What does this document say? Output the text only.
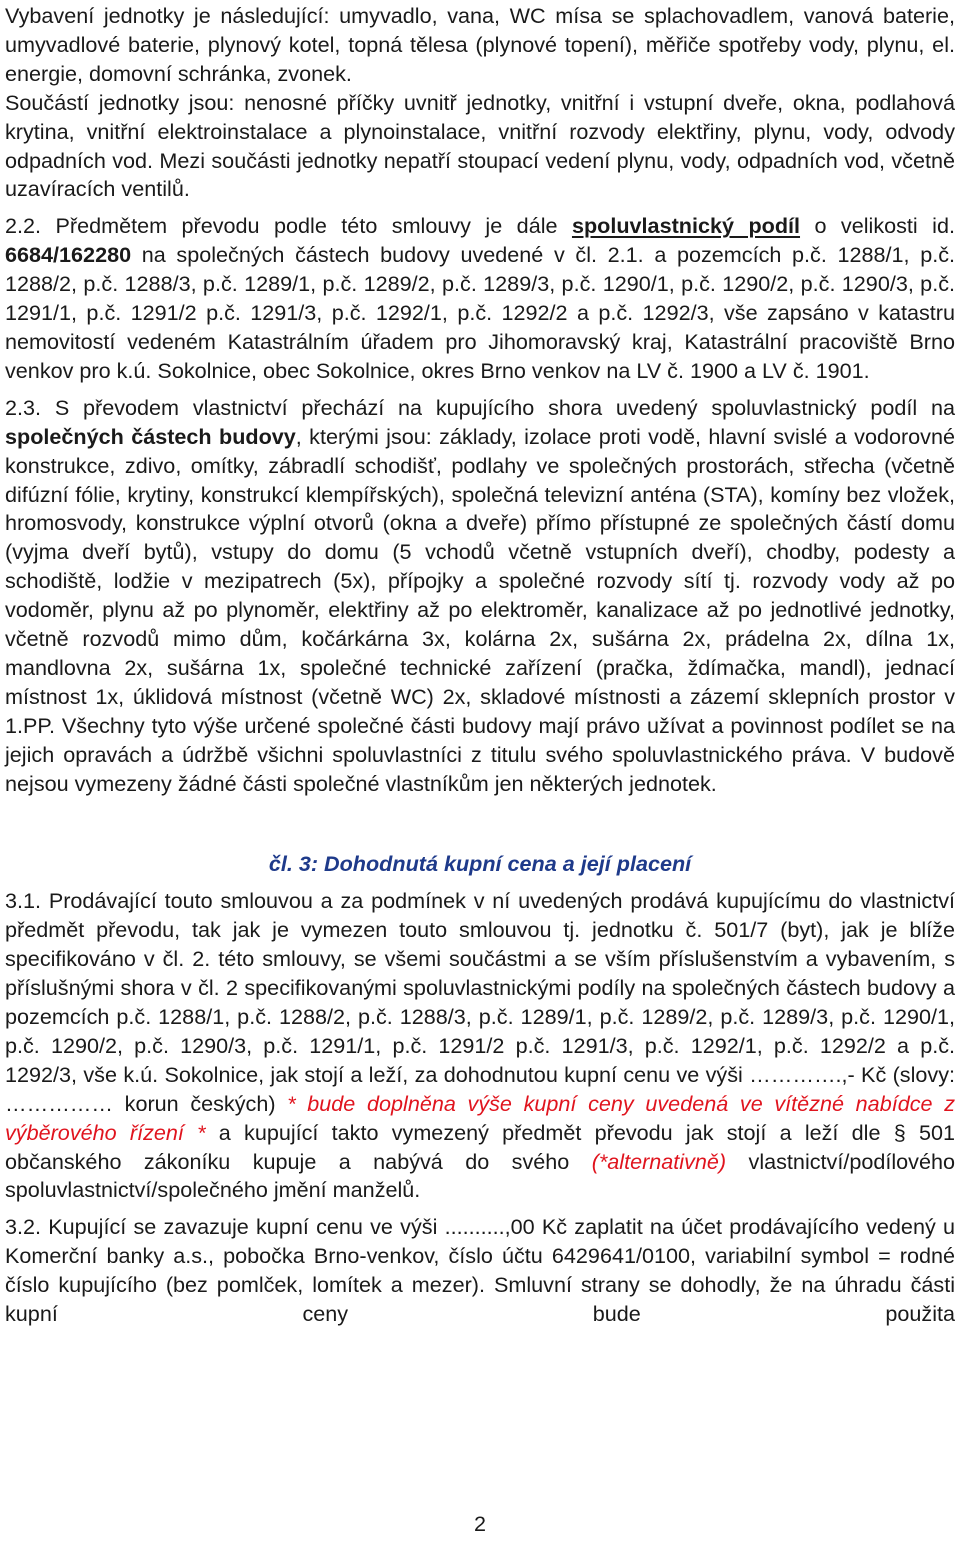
Vybavení jednotky je následující: umyvadlo, vana, WC mísa se splachovadlem, vanová baterie, umyvadlové baterie, plynový kotel, topná tělesa (plynové topení), měřiče spotřeby vody, plynu, el. energie, domovní schránka, zvonek.

Součástí jednotky jsou: nenosné příčky uvnitř jednotky, vnitřní i vstupní dveře, okna, podlahová krytina, vnitřní elektroinstalace a plynoinstalace, vnitřní rozvody elektřiny, plynu, vody, odvody odpadních vod. Mezi součásti jednotky nepatří stoupací vedení plynu, vody, odpadních vod, včetně uzavíracích ventilů.

2.2. Předmětem převodu podle této smlouvy je dále spoluvlastnický podíl o velikosti id. 6684/162280 na společných částech budovy uvedené v čl. 2.1. a pozemcích p.č. 1288/1, p.č. 1288/2, p.č. 1288/3, p.č. 1289/1, p.č. 1289/2, p.č. 1289/3, p.č. 1290/1, p.č. 1290/2, p.č. 1290/3, p.č. 1291/1, p.č. 1291/2 p.č. 1291/3, p.č. 1292/1, p.č. 1292/2 a p.č. 1292/3, vše zapsáno v katastru nemovitostí vedeném Katastrálním úřadem pro Jihomoravský kraj, Katastrální pracoviště Brno venkov pro k.ú. Sokolnice, obec Sokolnice, okres Brno venkov na LV č. 1900 a LV č. 1901.

2.3. S převodem vlastnictví přechází na kupujícího shora uvedený spoluvlastnický podíl na společných částech budovy, kterými jsou: základy, izolace proti vodě, hlavní svislé a vodorovné konstrukce, zdivo, omítky, zábradlí schodišť, podlahy ve společných prostorách, střecha (včetně difúzní fólie, krytiny, konstrukcí klempířských), společná televizní anténa (STA), komíny bez vložek, hromosvody, konstrukce výplní otvorů (okna a dveře) přímo přístupné ze společných částí domu (vyjma dveří bytů), vstupy do domu (5 vchodů včetně vstupních dveří), chodby, podesty a schodiště, lodžie v mezipatrech (5x), přípojky a společné rozvody sítí tj. rozvody vody až po vodoměr, plynu až po plynoměr, elektřiny až po elektroměr, kanalizace až po jednotlivé jednotky, včetně rozvodů mimo dům, kočárkárna 3x, kolárna 2x, sušárna 2x, prádelna 2x, dílna 1x, mandlovna 2x, sušárna 1x, společné technické zařízení (pračka, ždímačka, mandl), jednací místnost 1x, úklidová místnost (včetně WC) 2x, skladové místnosti a zázemí sklepních prostor v 1.PP. Všechny tyto výše určené společné části budovy mají právo užívat a povinnost podílet se na jejich opravách a údržbě všichni spoluvlastníci z titulu svého spoluvlastnického práva. V budově nejsou vymezeny žádné části společné vlastníkům jen některých jednotek.

čl. 3: Dohodnutá kupní cena a její placení

3.1. Prodávající touto smlouvou a za podmínek v ní uvedených prodává kupujícímu do vlastnictví předmět převodu, tak jak je vymezen touto smlouvou tj. jednotku č. 501/7 (byt), jak je blíže specifikováno v čl. 2. této smlouvy, se všemi součástmi a se vším příslušenstvím a vybavením, s příslušnými shora v čl. 2 specifikovanými spoluvlastnickými podíly na společných částech budovy a pozemcích p.č. 1288/1, p.č. 1288/2, p.č. 1288/3, p.č. 1289/1, p.č. 1289/2, p.č. 1289/3, p.č. 1290/1, p.č. 1290/2, p.č. 1290/3, p.č. 1291/1, p.č. 1291/2 p.č. 1291/3, p.č. 1292/1, p.č. 1292/2 a p.č. 1292/3, vše k.ú. Sokolnice, jak stojí a leží, za dohodnutou kupní cenu ve výši ………….,- Kč (slovy: …………… korun českých) * bude doplněna výše kupní ceny uvedená ve vítězné nabídce z výběrového řízení * a kupující takto vymezený předmět převodu jak stojí a leží dle § 501 občanského zákoníku kupuje a nabývá do svého (*alternativně) vlastnictví/podílového spoluvlastnictví/společného jmění manželů.

3.2. Kupující se zavazuje kupní cenu ve výši ..........,00 Kč zaplatit na účet prodávajícího vedený u Komerční banky a.s., pobočka Brno-venkov, číslo účtu 6429641/0100, variabilní symbol = rodné číslo kupujícího (bez pomlček, lomítek a mezer). Smluvní strany se dohodly, že na úhradu části kupní ceny bude použita

2
